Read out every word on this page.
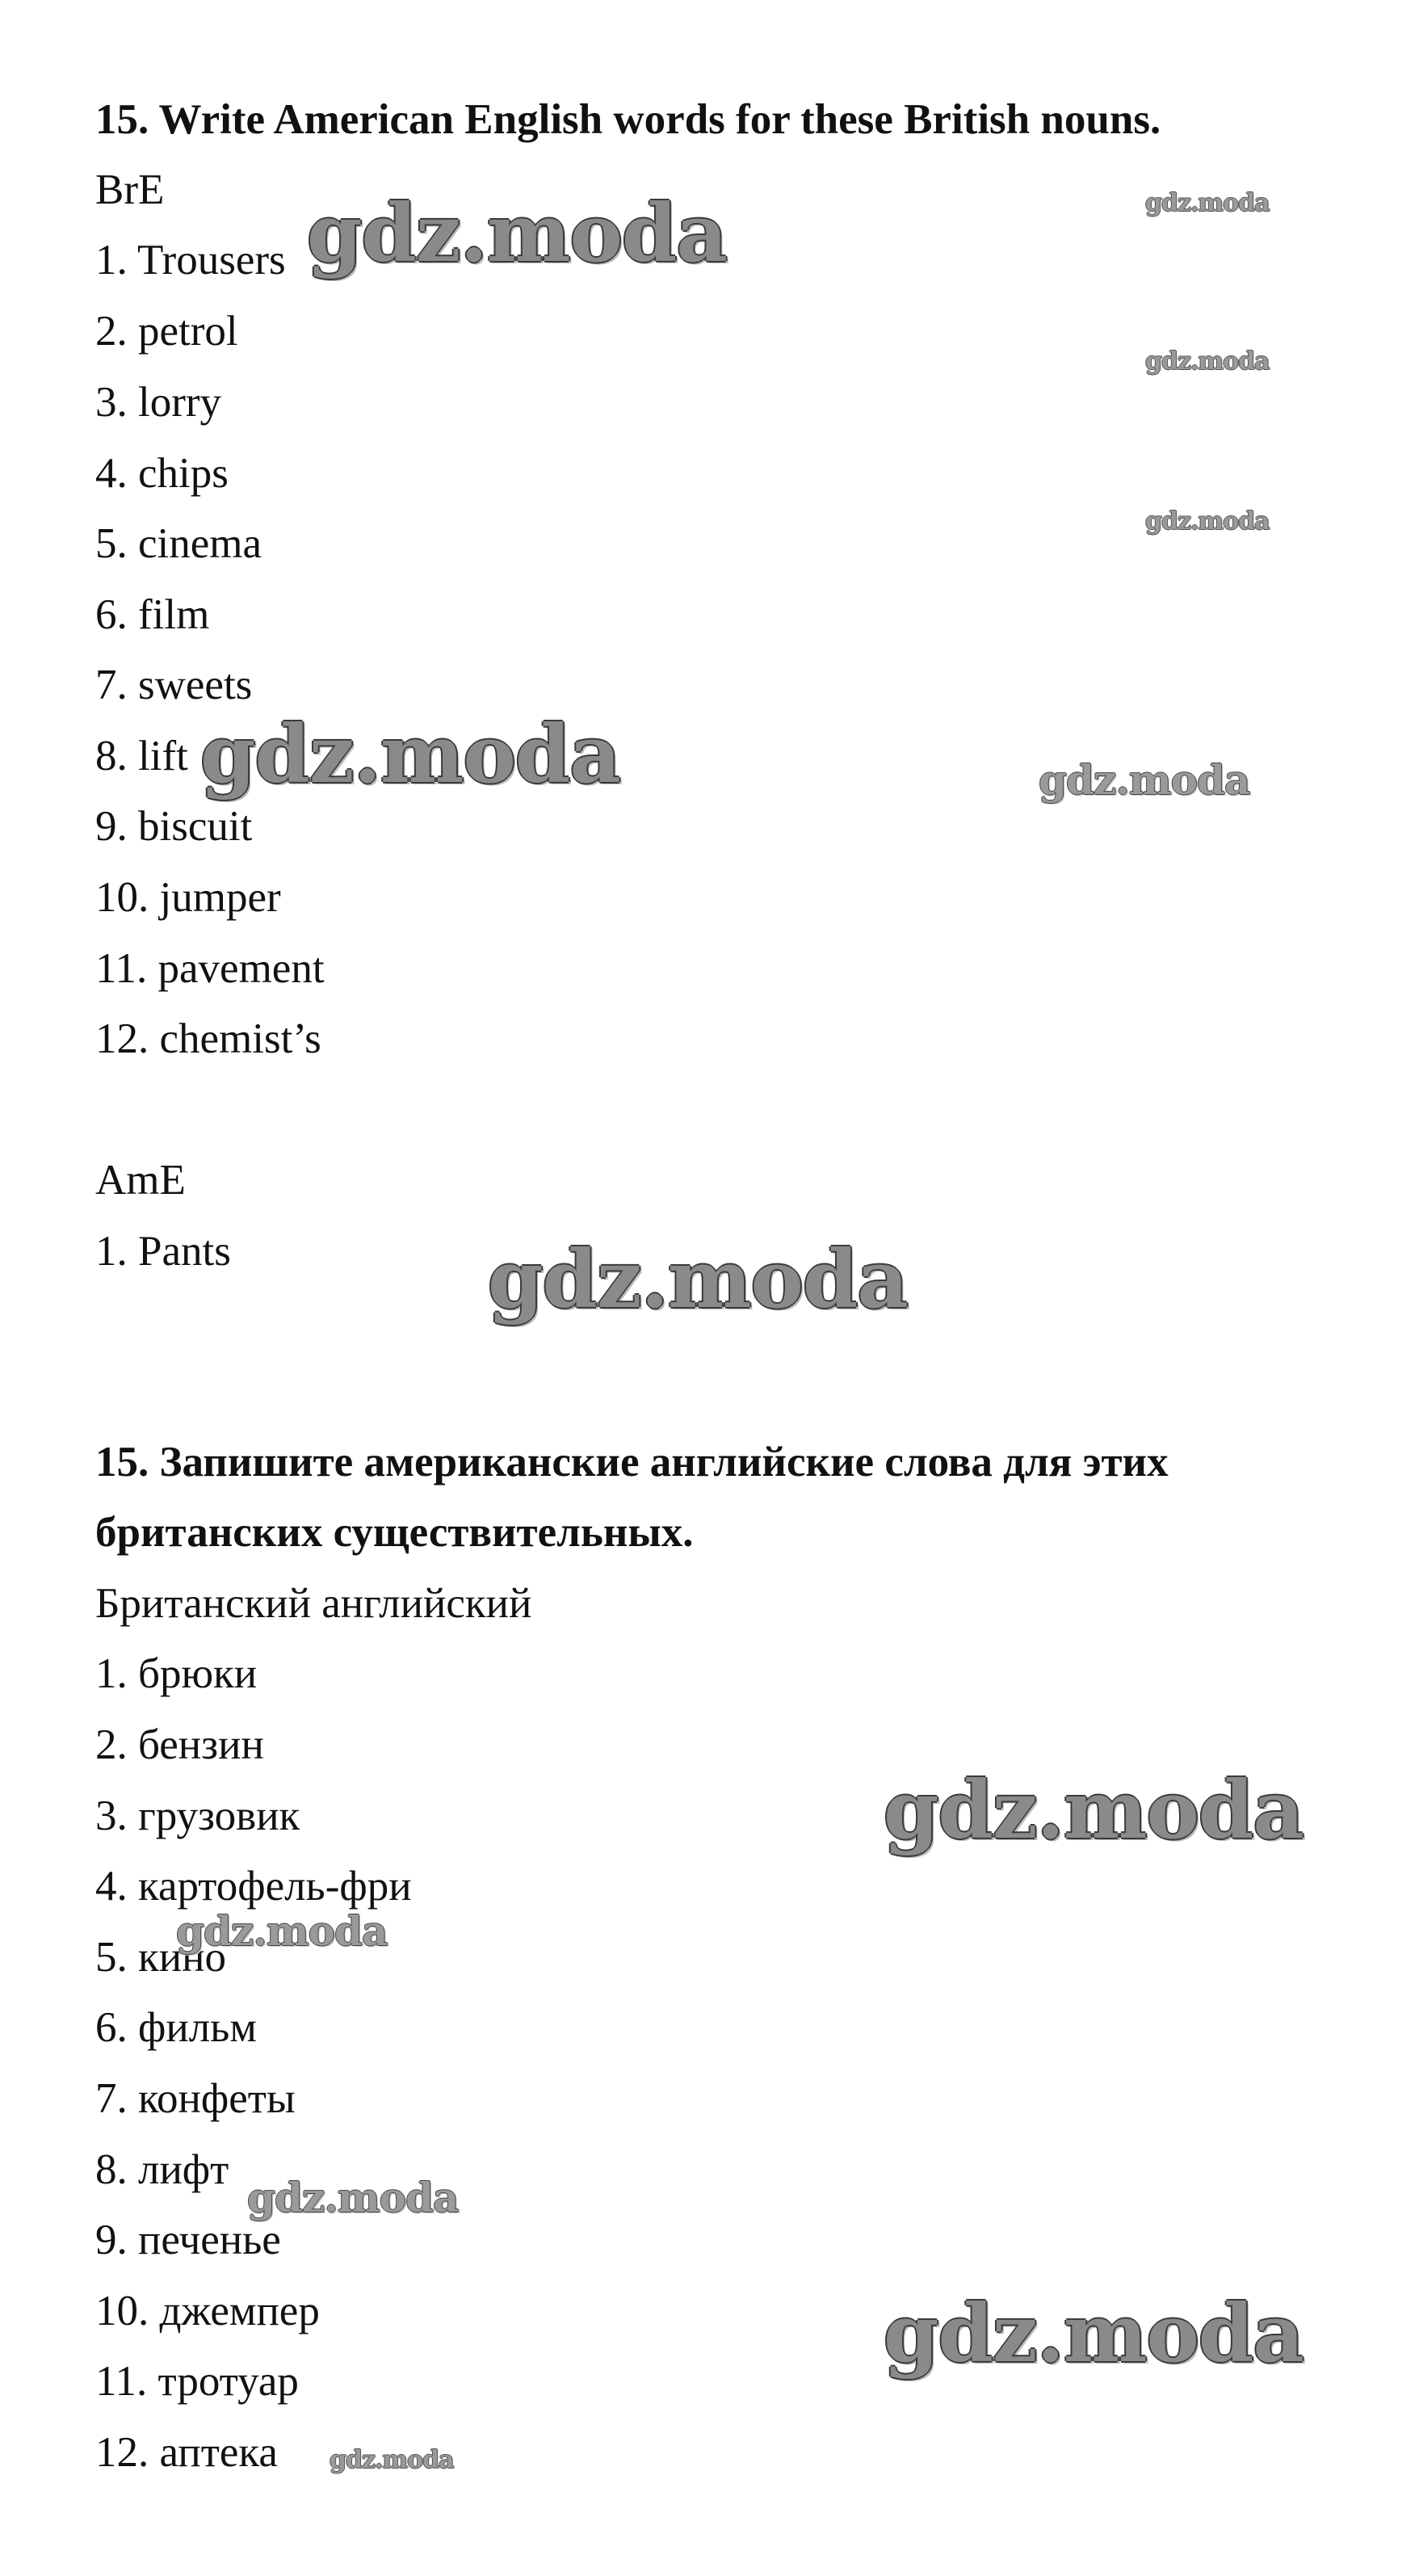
15. Write American English words for these British nouns.
BrE
1. Trousers
2. petrol
3. lorry
4. chips
5. cinema
6. film
7. sweets
8. lift
9. biscuit
10. jumper
11. pavement
12. chemist’s
AmE
1. Pants
15. Запишите американские английские слова для этих
британских существительных.
Британский английский
1. брюки
2. бензин
3. грузовик
4. картофель-фри
5. кино
6. фильм
7. конфеты
8. лифт
9. печенье
10. джемпер
11. тротуар
12. аптека
gdz.moda	gdz.moda
gdz.moda
gdz.moda
gdz.moda	gdz.moda
gdz.moda
gdz.moda
gdz.moda
gdz.moda
gdz.moda
gdz.moda
